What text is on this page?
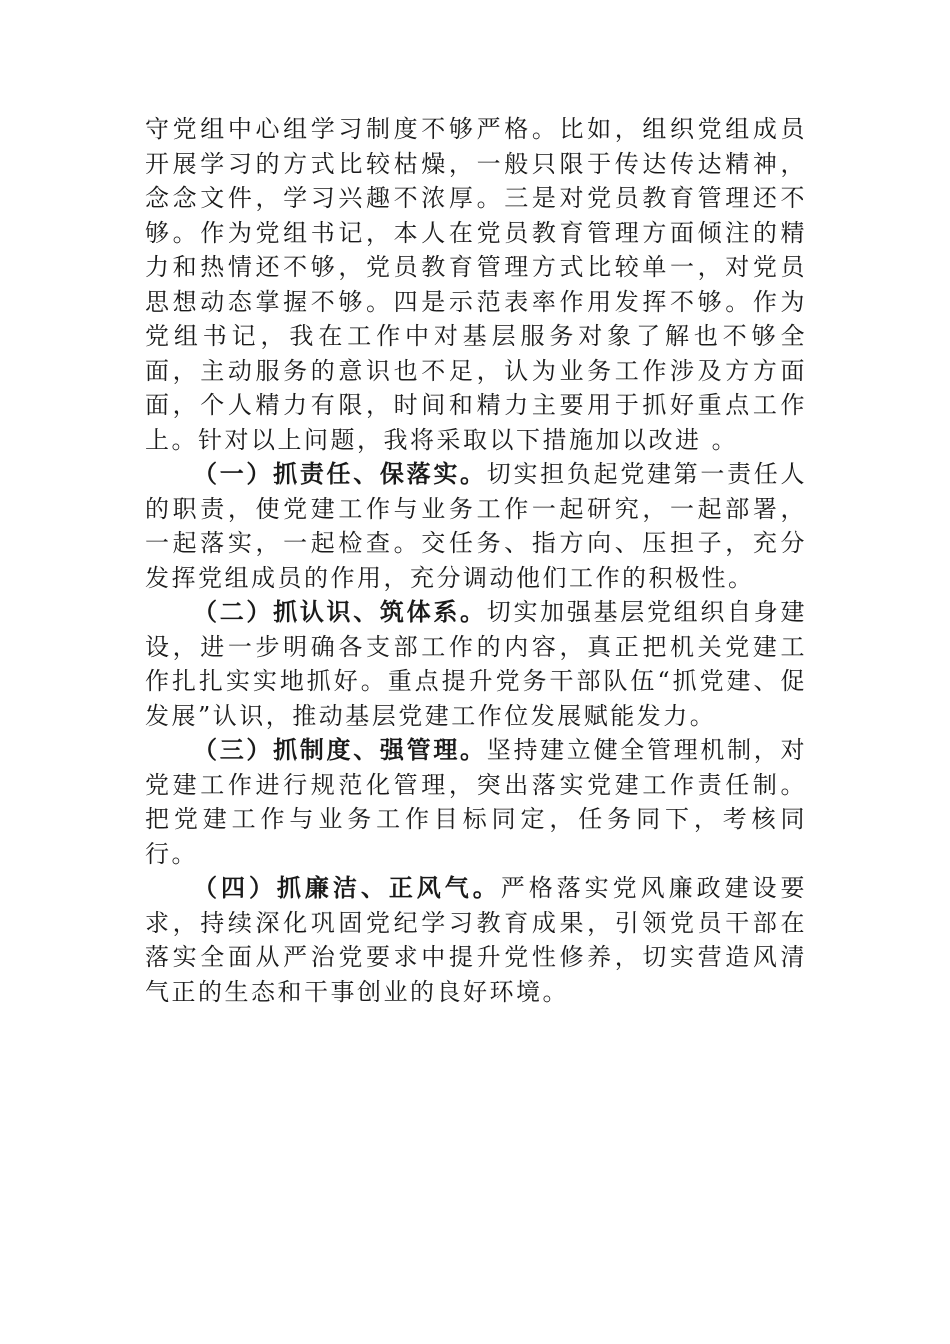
守党组中心组学习制度不够严格。比如，组织党组成员开展学习的方式比较枯燥，一般只限于传达传达精神，念念文件，学习兴趣不浓厚。三是对党员教育管理还不够。作为党组书记，本人在党员教育管理方面倾注的精力和热情还不够，党员教育管理方式比较单一，对党员思想动态掌握不够。四是示范表率作用发挥不够。作为党组书记，我在工作中对基层服务对象了解也不够全面，主动服务的意识也不足，认为业务工作涉及方方面面，个人精力有限，时间和精力主要用于抓好重点工作上。针对以上问题，我将采取以下措施加以改进 。

（一）抓责任、保落实。切实担负起党建第一责任人的职责，使党建工作与业务工作一起研究，一起部署，一起落实，一起检查。交任务、指方向、压担子，充分发挥党组成员的作用，充分调动他们工作的积极性。

（二）抓认识、筑体系。切实加强基层党组织自身建设，进一步明确各支部工作的内容，真正把机关党建工作扎扎实实地抓好。重点提升党务干部队伍“抓党建、促发展”认识，推动基层党建工作位发展赋能发力。

（三）抓制度、强管理。坚持建立健全管理机制，对党建工作进行规范化管理，突出落实党建工作责任制。把党建工作与业务工作目标同定，任务同下，考核同行。

（四）抓廉洁、正风气。严格落实党风廉政建设要求，持续深化巩固党纪学习教育成果，引领党员干部在落实全面从严治党要求中提升党性修养，切实营造风清气正的生态和干事创业的良好环境。
